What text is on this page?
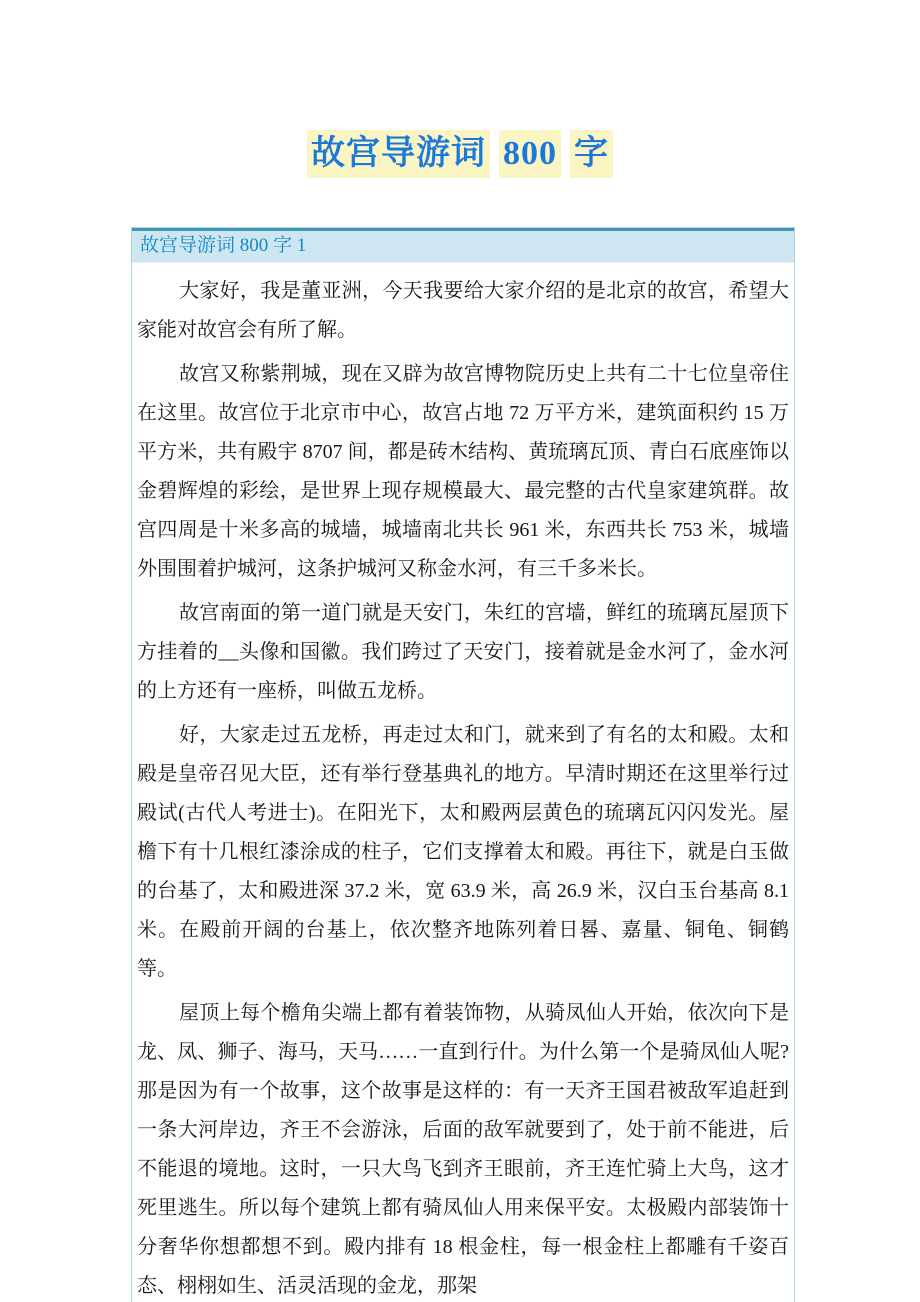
故宫导游词 800 字
故宫导游词 800 字 1

大家好，我是董亚洲，今天我要给大家介绍的是北京的故宫，希望大家能对故宫会有所了解。

故宫又称紫荆城，现在又辟为故宫博物院历史上共有二十七位皇帝住在这里。故宫位于北京市中心，故宫占地 72 万平方米，建筑面积约 15 万平方米，共有殿宇 8707 间，都是砖木结构、黄琉璃瓦顶、青白石底座饰以金碧辉煌的彩绘，是世界上现存规模最大、最完整的古代皇家建筑群。故宫四周是十米多高的城墙，城墙南北共长 961 米，东西共长 753 米，城墙外围围着护城河，这条护城河又称金水河，有三千多米长。

故宫南面的第一道门就是天安门，朱红的宫墙，鲜红的琉璃瓦屋顶下方挂着的__头像和国徽。我们跨过了天安门，接着就是金水河了，金水河的上方还有一座桥，叫做五龙桥。

好，大家走过五龙桥，再走过太和门，就来到了有名的太和殿。太和殿是皇帝召见大臣，还有举行登基典礼的地方。早清时期还在这里举行过殿试(古代人考进士)。在阳光下，太和殿两层黄色的琉璃瓦闪闪发光。屋檐下有十几根红漆涂成的柱子，它们支撑着太和殿。再往下，就是白玉做的台基了，太和殿进深 37.2 米，宽 63.9 米，高 26.9 米，汉白玉台基高 8.1 米。在殿前开阔的台基上，依次整齐地陈列着日晷、嘉量、铜龟、铜鹤等。

屋顶上每个檐角尖端上都有着装饰物，从骑凤仙人开始，依次向下是龙、凤、狮子、海马，天马……一直到行什。为什么第一个是骑凤仙人呢?那是因为有一个故事，这个故事是这样的：有一天齐王国君被敌军追赶到一条大河岸边，齐王不会游泳，后面的敌军就要到了，处于前不能进，后不能退的境地。这时，一只大鸟飞到齐王眼前，齐王连忙骑上大鸟，这才死里逃生。所以每个建筑上都有骑凤仙人用来保平安。太极殿内部装饰十分奢华你想都想不到。殿内排有 18 根金柱，每一根金柱上都雕有千姿百态、栩栩如生、活灵活现的金龙，那架
